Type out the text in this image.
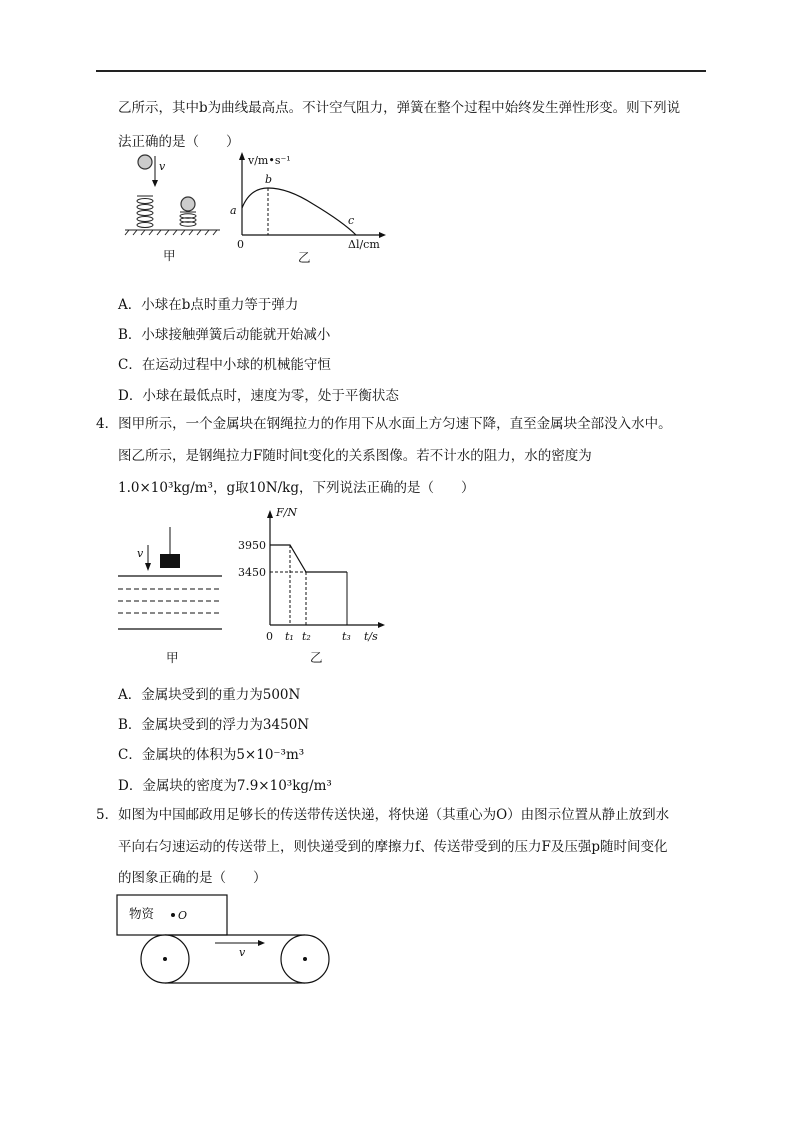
乙所示，其中b为曲线最高点。不计空气阻力，弹簧在整个过程中始终发生弹性形变。则下列说
法正确的是（　　）
v
甲
v/m•s⁻¹
b
a
c
0	Δl/cm
乙
A．小球在b点时重力等于弹力
B．小球接触弹簧后动能就开始减小
C．在运动过程中小球的机械能守恒
D．小球在最低点时，速度为零，处于平衡状态
4．图甲所示，一个金属块在钢绳拉力的作用下从水面上方匀速下降，直至金属块全部没入水中。
图乙所示，是钢绳拉力F随时间t变化的关系图像。若不计水的阻力，水的密度为
1.0×10³kg/m³，g取10N/kg，下列说法正确的是（　　）
v
甲
F/N
3950
3450
0 t₁ t₂	t₃ t/s
乙
A．金属块受到的重力为500N
B．金属块受到的浮力为3450N
C．金属块的体积为5×10⁻³m³
D．金属块的密度为7.9×10³kg/m³
5．如图为中国邮政用足够长的传送带传送快递，将快递（其重心为O）由图示位置从静止放到水
平向右匀速运动的传送带上，则快递受到的摩擦力f、传送带受到的压力F及压强p随时间变化
的图象正确的是（　　）
物资 O
v
